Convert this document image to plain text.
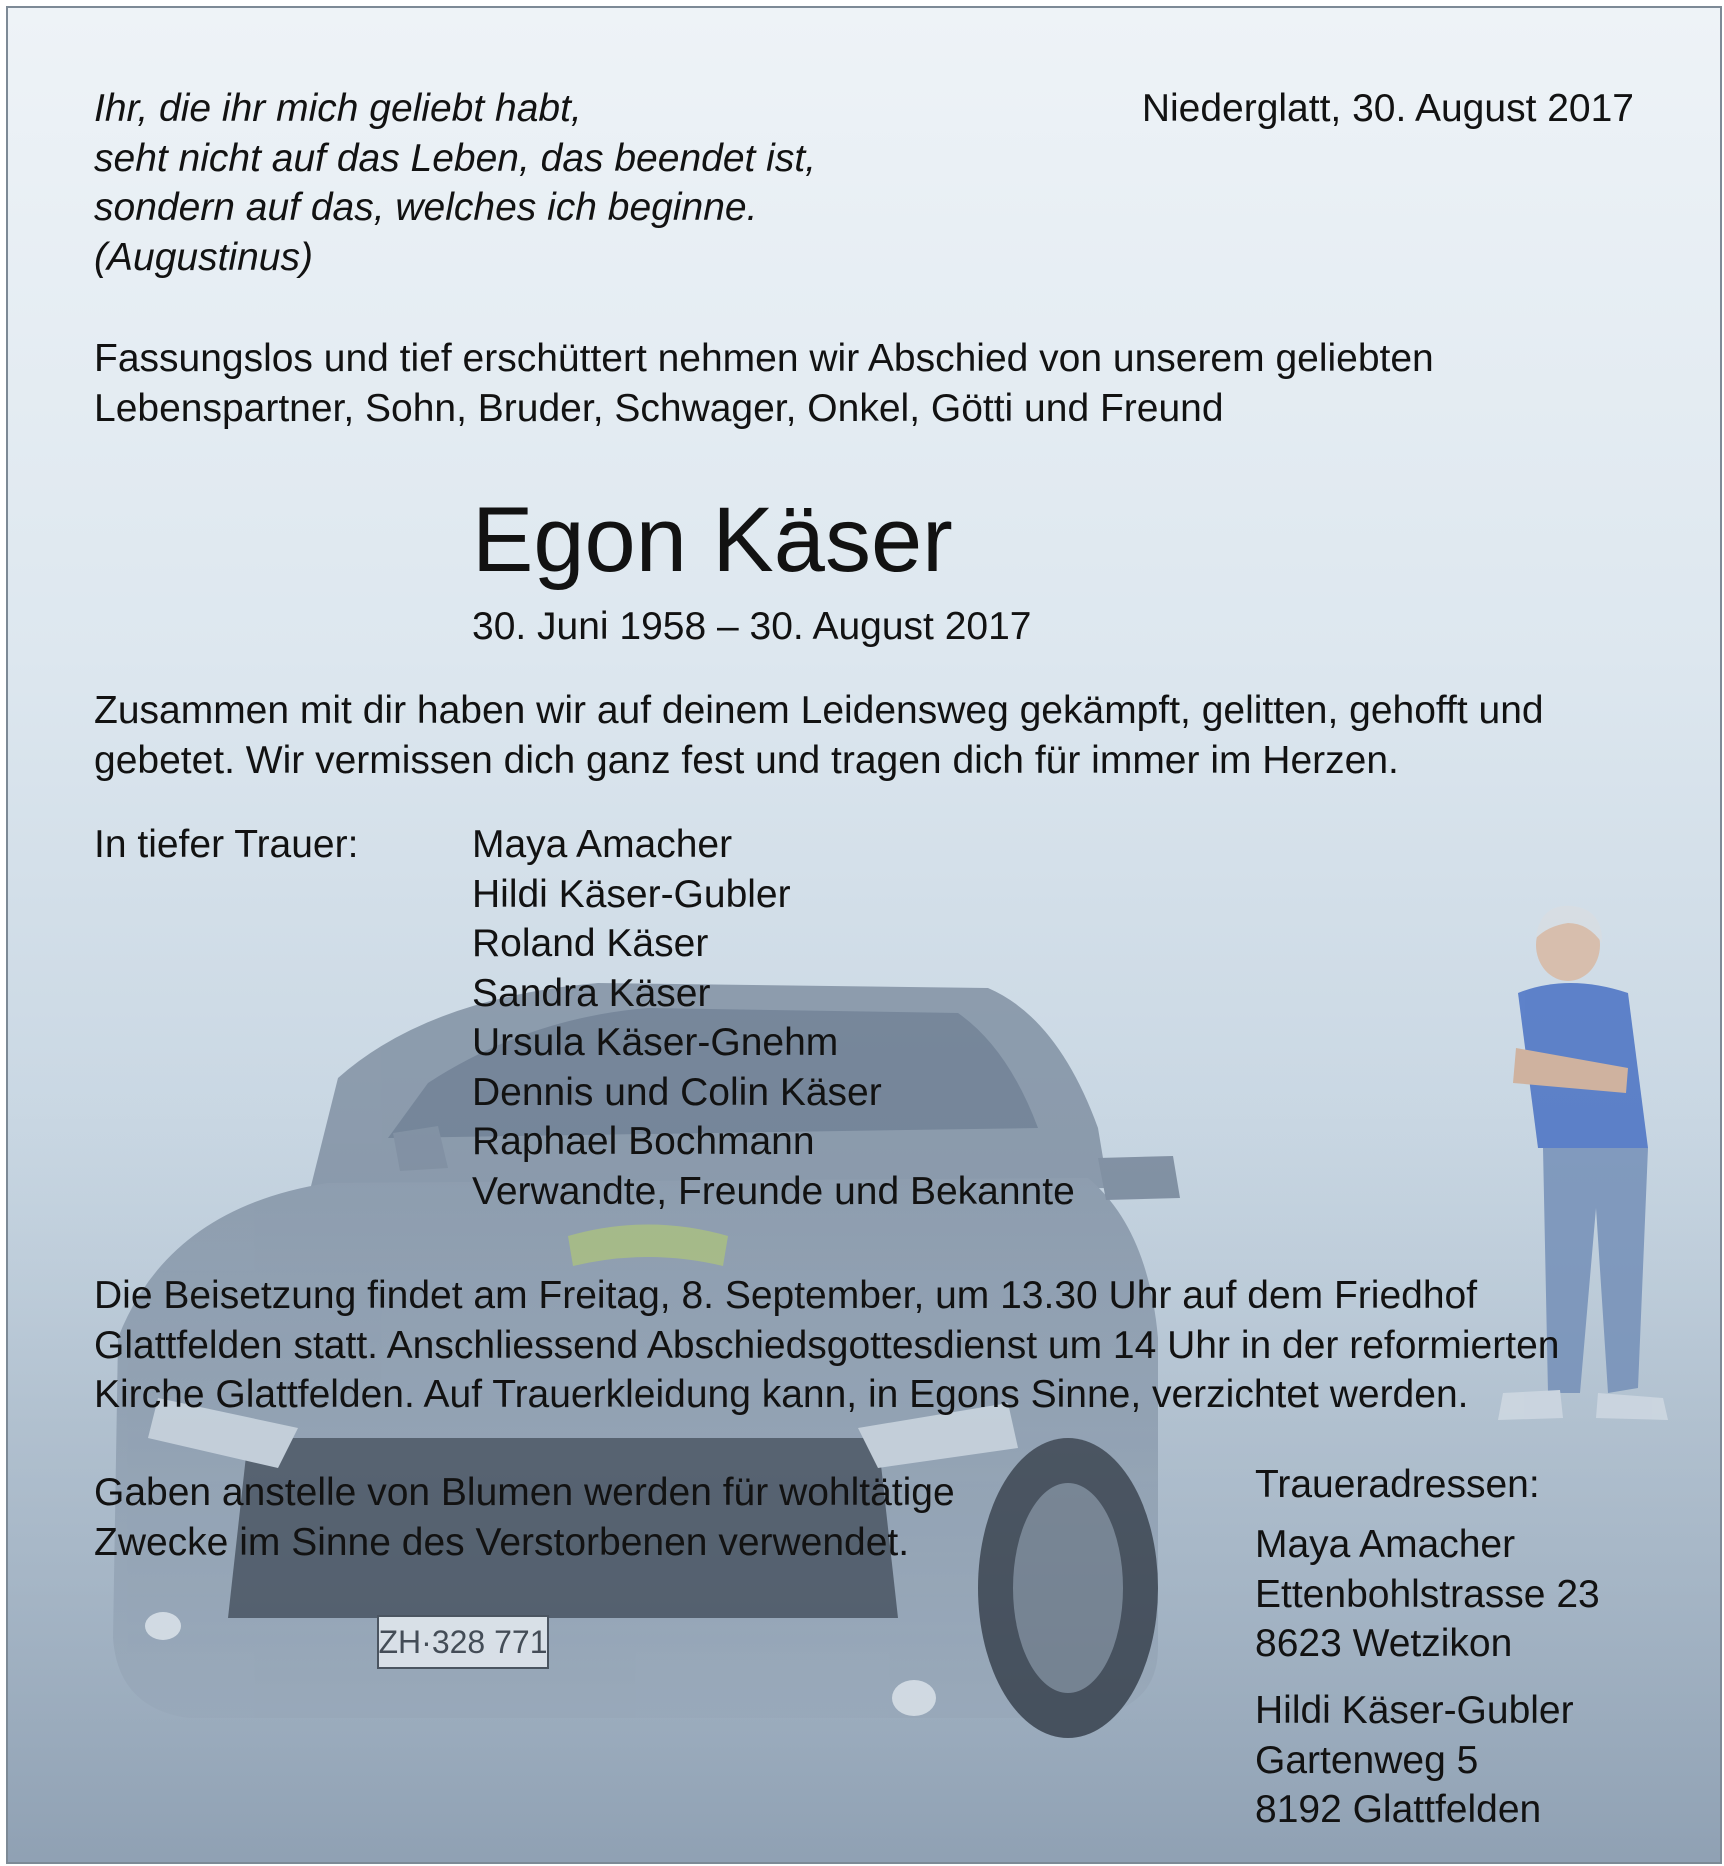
ZH·328 771
Ihr, die ihr mich geliebt habt,
seht nicht auf das Leben, das beendet ist,
sondern auf das, welches ich beginne.
(Augustinus)
Niederglatt, 30. August 2017
Fassungslos und tief erschüttert nehmen wir Abschied von unserem geliebten
Lebenspartner, Sohn, Bruder, Schwager, Onkel, Götti und Freund
Egon Käser
30. Juni 1958 – 30. August 2017
Zusammen mit dir haben wir auf deinem Leidensweg gekämpft, gelitten, gehofft und
gebetet. Wir vermissen dich ganz fest und tragen dich für immer im Herzen.
In tiefer Trauer:	Maya Amacher
Hildi Käser-Gubler
Roland Käser
Sandra Käser
Ursula Käser-Gnehm
Dennis und Colin Käser
Raphael Bochmann
Verwandte, Freunde und Bekannte
Die Beisetzung findet am Freitag, 8. September, um 13.30 Uhr auf dem Friedhof
Glattfelden statt. Anschliessend Abschiedsgottesdienst um 14 Uhr in der reformierten
Kirche Glattfelden. Auf Trauerkleidung kann, in Egons Sinne, verzichtet werden.
Gaben anstelle von Blumen werden für wohltätige
Zwecke im Sinne des Verstorbenen verwendet.
Traueradressen:
Maya Amacher
Ettenbohlstrasse 23
8623 Wetzikon
Hildi Käser-Gubler
Gartenweg 5
8192 Glattfelden
